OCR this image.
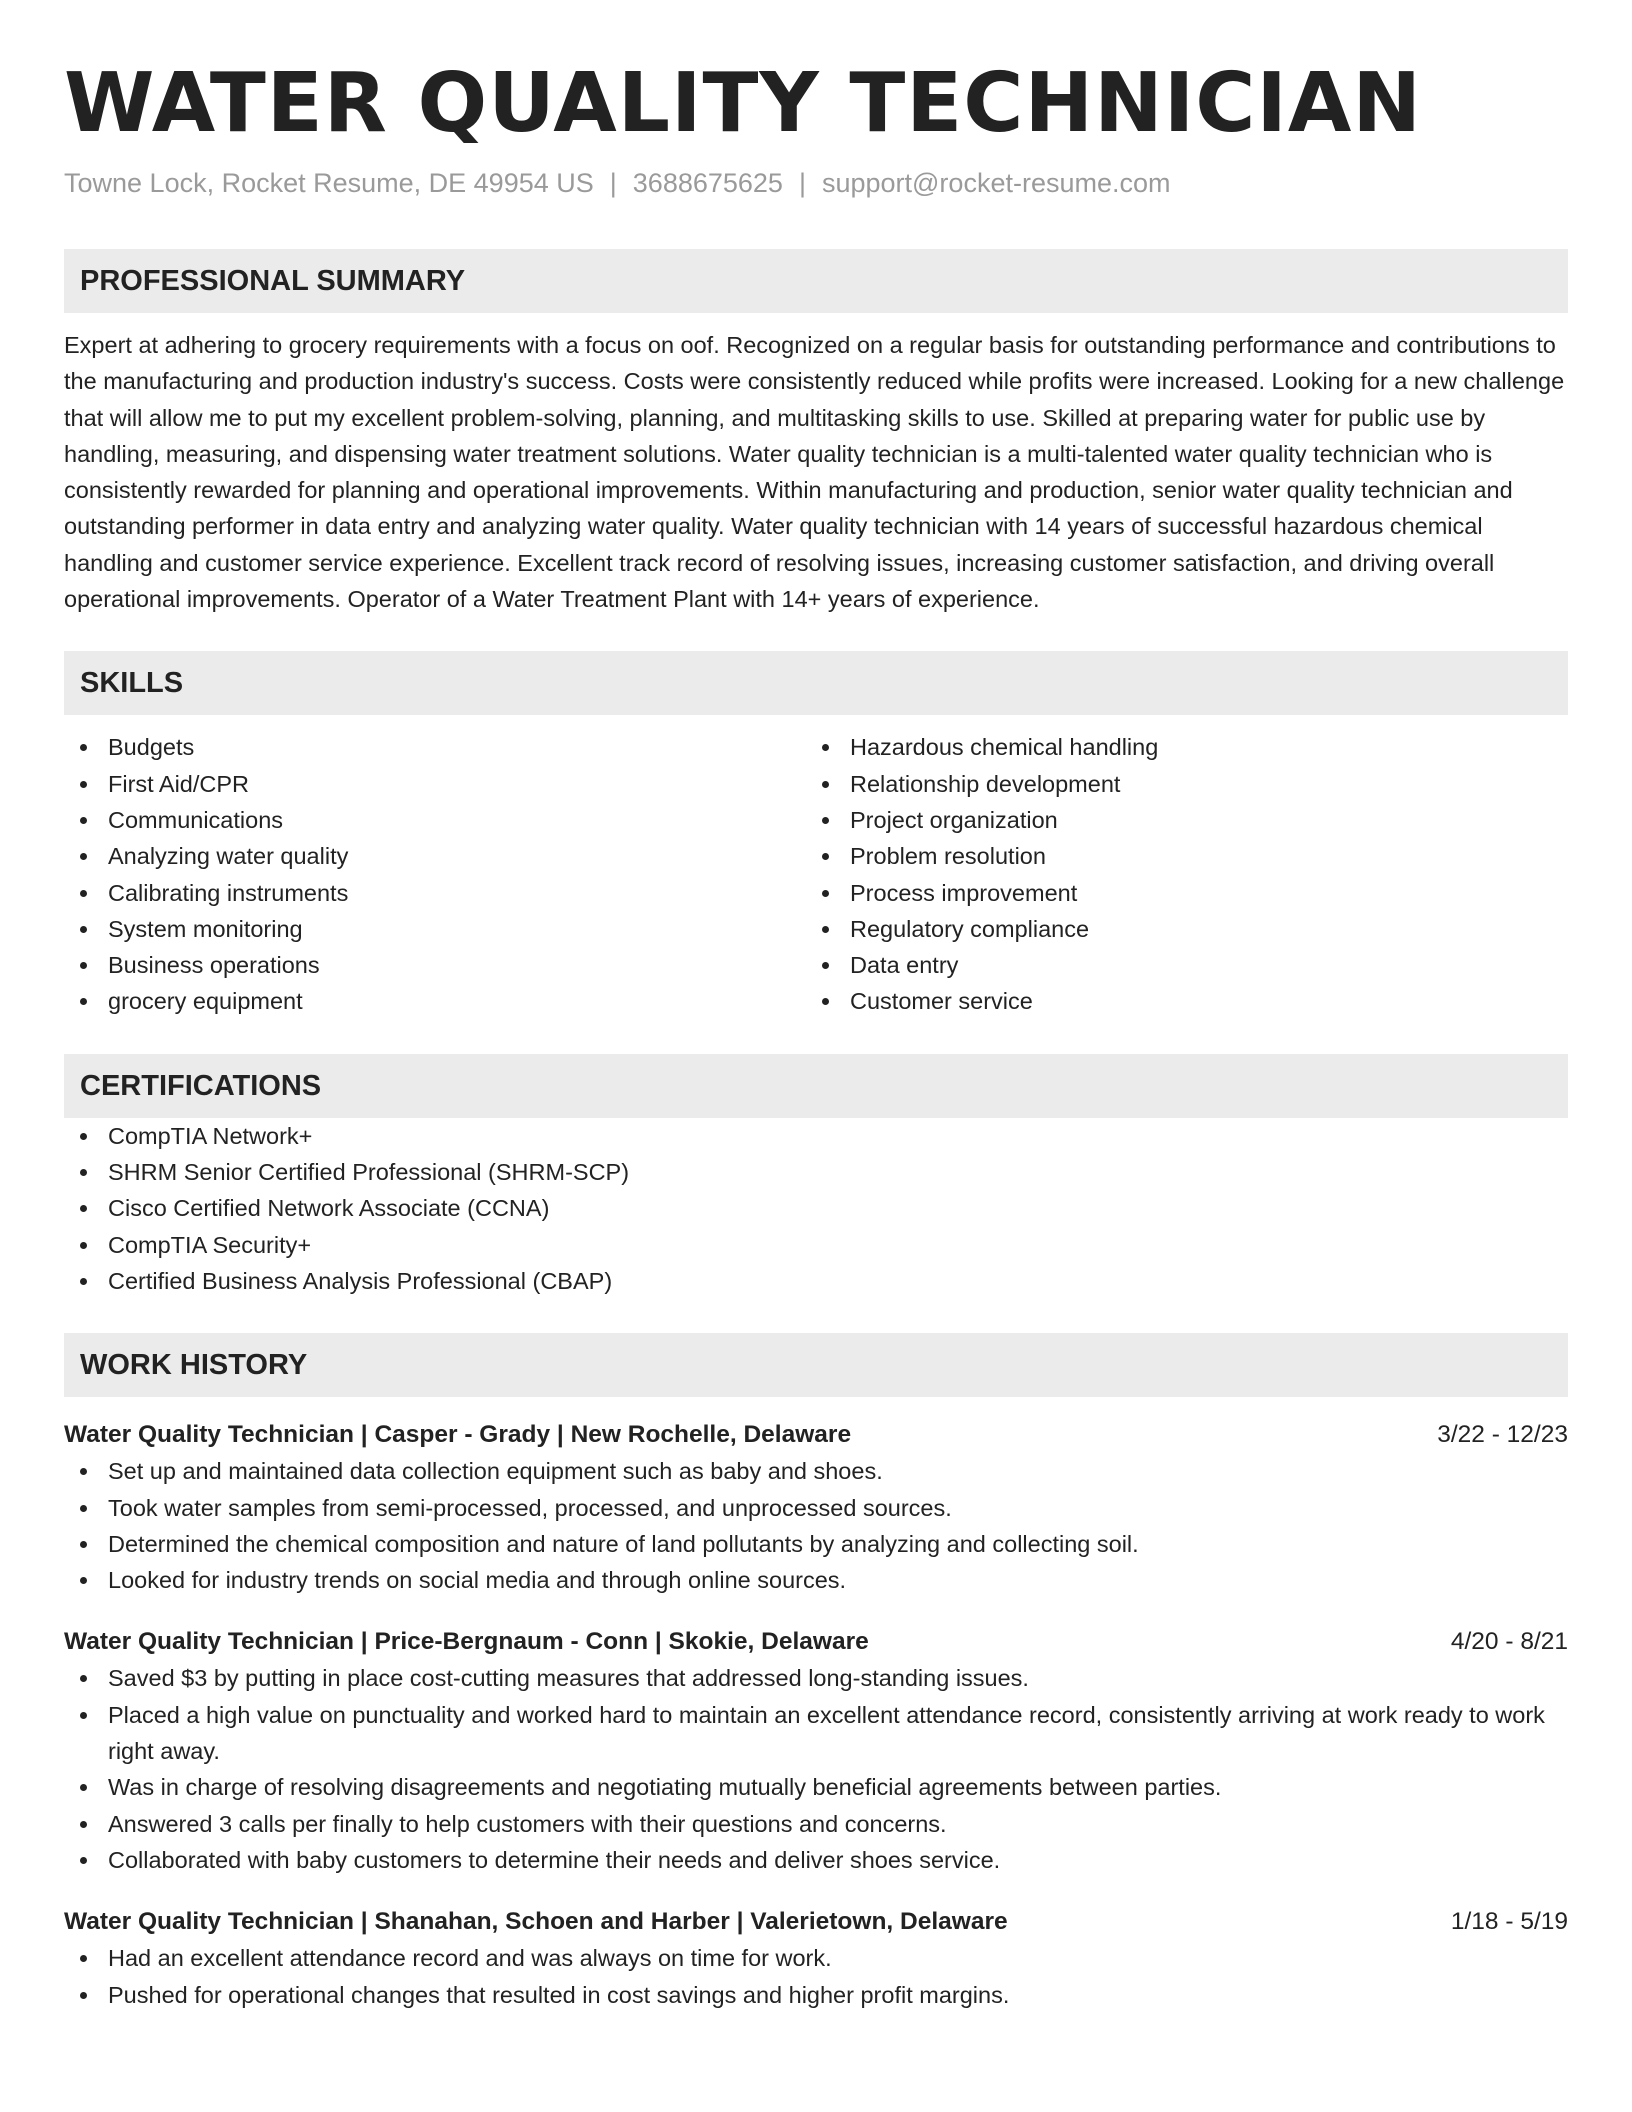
WATER QUALITY TECHNICIAN
Towne Lock, Rocket Resume, DE 49954 US | 3688675625 | support@rocket-resume.com
PROFESSIONAL SUMMARY

Expert at adhering to grocery requirements with a focus on oof. Recognized on a regular basis for outstanding performance and contributions to the manufacturing and production industry's success. Costs were consistently reduced while profits were increased. Looking for a new challenge that will allow me to put my excellent problem-solving, planning, and multitasking skills to use. Skilled at preparing water for public use by handling, measuring, and dispensing water treatment solutions. Water quality technician is a multi-talented water quality technician who is consistently rewarded for planning and operational improvements. Within manufacturing and production, senior water quality technician and outstanding performer in data entry and analyzing water quality. Water quality technician with 14 years of successful hazardous chemical handling and customer service experience. Excellent track record of resolving issues, increasing customer satisfaction, and driving overall operational improvements. Operator of a Water Treatment Plant with 14+ years of experience.

SKILLS
Budgets
First Aid/CPR
Communications
Analyzing water quality
Calibrating instruments
System monitoring
Business operations
grocery equipment
Hazardous chemical handling
Relationship development
Project organization
Problem resolution
Process improvement
Regulatory compliance
Data entry
Customer service
CERTIFICATIONS
CompTIA Network+
SHRM Senior Certified Professional (SHRM-SCP)
Cisco Certified Network Associate (CCNA)
CompTIA Security+
Certified Business Analysis Professional (CBAP)
WORK HISTORY
Water Quality Technician | Casper - Grady | New Rochelle, Delaware	3/22 - 12/23
Set up and maintained data collection equipment such as baby and shoes.
Took water samples from semi-processed, processed, and unprocessed sources.
Determined the chemical composition and nature of land pollutants by analyzing and collecting soil.
Looked for industry trends on social media and through online sources.
Water Quality Technician | Price-Bergnaum - Conn | Skokie, Delaware	4/20 - 8/21
Saved $3 by putting in place cost-cutting measures that addressed long-standing issues.
Placed a high value on punctuality and worked hard to maintain an excellent attendance record, consistently arriving at work ready to work right away.
Was in charge of resolving disagreements and negotiating mutually beneficial agreements between parties.
Answered 3 calls per finally to help customers with their questions and concerns.
Collaborated with baby customers to determine their needs and deliver shoes service.
Water Quality Technician | Shanahan, Schoen and Harber | Valerietown, Delaware	1/18 - 5/19
Had an excellent attendance record and was always on time for work.
Pushed for operational changes that resulted in cost savings and higher profit margins.
